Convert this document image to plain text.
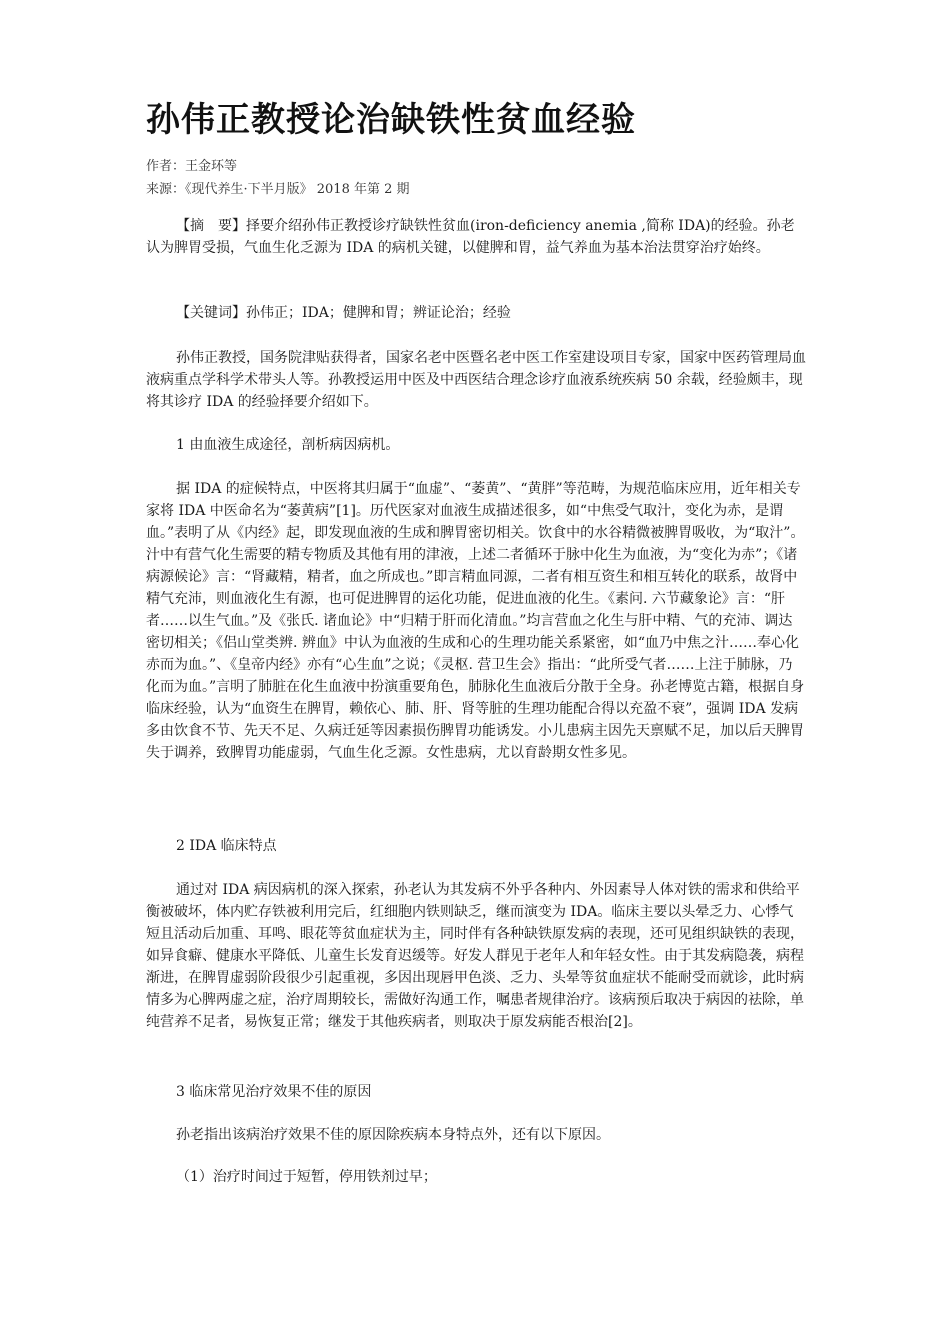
孙伟正教授论治缺铁性贫血经验
作者：王金环等
来源：《现代养生·下半月版》 2018 年第 2 期

【摘　要】择要介绍孙伟正教授诊疗缺铁性贫血(iron-deficiency anemia ,简称 IDA)的经验。孙老认为脾胃受损，气血生化乏源为 IDA 的病机关键，以健脾和胃，益气养血为基本治法贯穿治疗始终。

【关键词】孙伟正；IDA；健脾和胃；辨证论治；经验

孙伟正教授，国务院津贴获得者，国家名老中医暨名老中医工作室建设项目专家，国家中医药管理局血液病重点学科学术带头人等。孙教授运用中医及中西医结合理念诊疗血液系统疾病 50 余载，经验颇丰，现将其诊疗 IDA 的经验择要介绍如下。

1 由血液生成途径，剖析病因病机。

据 IDA 的症候特点，中医将其归属于“血虚”、“萎黄”、“黄胖”等范畴，为规范临床应用，近年相关专家将 IDA 中医命名为“萎黄病”[1]。历代医家对血液生成描述很多，如“中焦受气取汁，变化为赤，是谓血。”表明了从《内经》起，即发现血液的生成和脾胃密切相关。饮食中的水谷精微被脾胃吸收，为“取汁”。汁中有营气化生需要的精专物质及其他有用的津液，上述二者循环于脉中化生为血液，为“变化为赤”；《诸病源候论》言：“肾藏精，精者，血之所成也。”即言精血同源，二者有相互资生和相互转化的联系，故肾中精气充沛，则血液化生有源，也可促进脾胃的运化功能，促进血液的化生。《素问. 六节藏象论》言：“肝者……以生气血。”及《张氏. 诸血论》中“归精于肝而化清血。”均言营血之化生与肝中精、气的充沛、调达密切相关；《侣山堂类辨. 辨血》中认为血液的生成和心的生理功能关系紧密，如“血乃中焦之汁……奉心化赤而为血。”、《皇帝内经》亦有“心生血”之说；《灵枢. 营卫生会》指出：“此所受气者……上注于肺脉，乃化而为血。”言明了肺脏在化生血液中扮演重要角色，肺脉化生血液后分散于全身。孙老博览古籍，根据自身临床经验，认为“血资生在脾胃，赖依心、肺、肝、肾等脏的生理功能配合得以充盈不衰”，强调 IDA 发病多由饮食不节、先天不足、久病迁延等因素损伤脾胃功能诱发。小儿患病主因先天禀赋不足，加以后天脾胃失于调养，致脾胃功能虚弱，气血生化乏源。女性患病，尤以育龄期女性多见。

2 IDA 临床特点

通过对 IDA 病因病机的深入探索，孙老认为其发病不外乎各种内、外因素导人体对铁的需求和供给平衡被破坏，体内贮存铁被利用完后，红细胞内铁则缺乏，继而演变为 IDA。临床主要以头晕乏力、心悸气短且活动后加重、耳鸣、眼花等贫血症状为主，同时伴有各种缺铁原发病的表现，还可见组织缺铁的表现，如异食癖、健康水平降低、儿童生长发育迟缓等。好发人群见于老年人和年轻女性。由于其发病隐袭，病程渐进，在脾胃虚弱阶段很少引起重视，多因出现唇甲色淡、乏力、头晕等贫血症状不能耐受而就诊，此时病情多为心脾两虚之症，治疗周期较长，需做好沟通工作，嘱患者规律治疗。该病预后取决于病因的祛除，单纯营养不足者，易恢复正常；继发于其他疾病者，则取决于原发病能否根治[2]。

3 临床常见治疗效果不佳的原因
孙老指出该病治疗效果不佳的原因除疾病本身特点外，还有以下原因。
（1）治疗时间过于短暂，停用铁剂过早；
